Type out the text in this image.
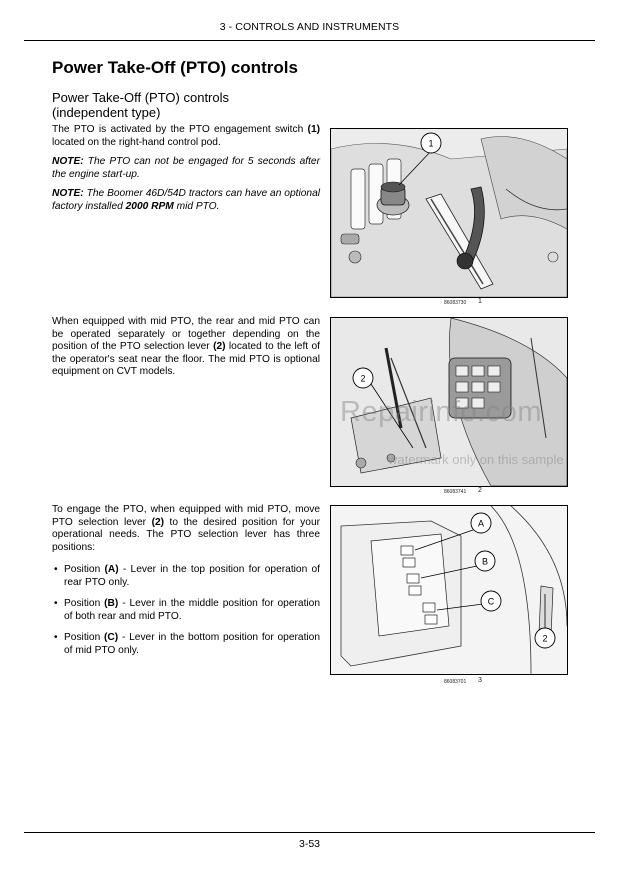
3 - CONTROLS AND INSTRUMENTS
Power Take-Off (PTO) controls
Power Take-Off (PTO) controls
(independent type)

The PTO is activated by the PTO engagement switch (1) located on the right-hand control pod.

NOTE: The PTO can not be engaged for 5 seconds after the engine start-up.

NOTE: The Boomer 46D/54D tractors can have an optional factory installed 2000 RPM mid PTO.

When equipped with mid PTO, the rear and mid PTO can be operated separately or together depending on the position of the PTO selection lever (2) located to the left of the operator's seat near the floor. The mid PTO is optional equipment on CVT models.

To engage the PTO, when equipped with mid PTO, move PTO selection lever (2) to the desired position for your operational needs. The PTO selection lever has three positions:

• Position (A) - Lever in the top position for operation of rear PTO only.

• Position (B) - Lever in the middle position for operation of both rear and mid PTO.

• Position (C) - Lever in the bottom position for operation of mid PTO only.

1
86083730 1
2
86083741 2
A
B
C
2
86083701 3
Repairinfo.com
watermark only on this sample
3-53
